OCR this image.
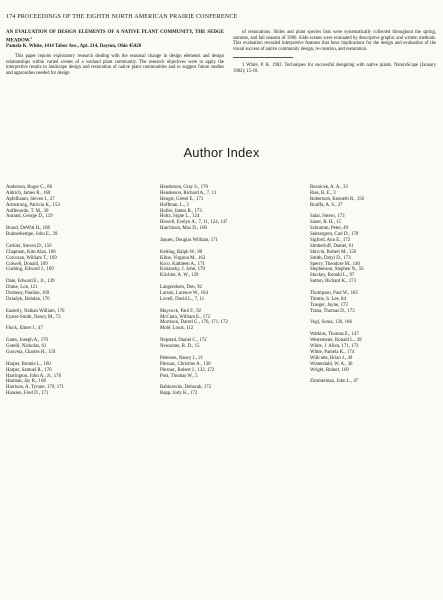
174 PROCEEDINGS OF THE EIGHTH NORTH AMERICAN PRAIRIE CONFERENCE
AN EVALUATION OF DESIGN ELEMENTS OF A NATIVE PLANT COMMUNITY, THE SEDGE MEADOW.$^1$
Pamela K. White, 1414 Tabor Ave., Apt. 214, Dayton, Ohio 45420
This paper reports exploratory research dealing with the seasonal change in design elements and design relationships within varied scenes of a wetland plant community. The research objectives were to apply the interpretive results to landscape design and restoration of native plant communities and to suggest future studies and approaches needed for design
of restorations. Slides and plant species lists were systematically collected throughout the spring, summer, and fall seasons of 1980. Slide scenes were evaluated by descriptive graphic and written methods. This evaluation revealed interpretive features that have implications for the design and evaluation of the visual success of native community design, re-creation, and restoration.
1 White, P. K. 1982. Techniques for successful designing with native plants. NatureScape (January 1982): 15-18.
Author Index
Anderson, Roger C., 86
Aldrich, James R., 168
Apfelbaum, Steven I., 27
Armstrong, Patricia K., 153
Auffenorde, T. M., 30
Aurand, George D., 119
Braud, DeWitt H., 168
Buhnerkempe, John E., 39
Carkler, Steven D., 156
Chapman, Kim Alan, 168
Corcoran, William T., 169
Culwell, Donald, 169
Cushing, Edward J., 169
Dale, Edward E., Jr., 139
Drake, Lon, 121
Drobney, Pauline, 169
Dziadyk, Bohdan, 170
Easterly, Nathan William, 170
Eyster-Smith, Nancy M., 73
Finck, Elmer J., 47
Gates, Joseph A., 170
Gotelli, Nicholas, 61
Gouveia, Charles H., 159
Harper, Bonnie L., 160
Harper, Samuel R., 170
Harrington, John A., Jr., 170
Harman, Jay R., 168
Harrison, A. Tyrone, 170, 171
Haasien, Fred D., 171
Henderson, Gray S., 170
Henderson, Richard A., 7, 11
Hengst, Gretel E., 171
Hoffman, L., 3
Holler, James R., 173
Holtz, Signe L., 124
Howell, Evelyn A., 7, 11, 124, 147
Hutchison, Max D., 168
Jaques, Douglas William, 171
Kelting, Ralph W., 80
Kline, Virginia M., 162
Krco, Kathleen A., 171
Krstansky, J. John, 170
Küchler, A. W., 129
Langendoen, Don, 92
Larson, Lorence W., 164
Lovell, David L., 7, 11
Maycock, Paul F., 92
McClain, William E., 172
Morrison, Darrel G., 170, 171, 172
Molé, Louis, 112
Nepstad, Daniel C., 172
Newsome, R. D., 15
Petersen, Nancy J., 21
Pleznac, Christine A., 130
Pleznac, Robert J., 132, 172
Post, Thomas W., 5
Rabinowitz, Deborah, 172
Rapp, Jody K., 172
Reznicek, A. A., 33
Ries, R. E., 3
Robertson, Kenneth R., 156
Rouffa, A. S., 27
Salar, Sotero, 173
Sauer, R. H., 15
Schramm, Peter, 49
Seitzergren, Carl D., 170
Sigford, Ann E., 172
Simberloff, Daniel, 61
Skirvin, Robert M., 156
Smith, Daryl D., 173
Sperry, Theodore M., 140
Stephenson, Stephen N., 56
Stuckey, Ronald L., 97
Sutton, Richard K., 173
Thompson, Paul W., 105
Timme, S. Lee, 84
Traeger, Jayne, 173
Trana, Thomas D., 173
Vogl, Sonia, 130, 166
Watkins, Thomas E., 147
Westemeier, Ronald L., 39
White, J. Allen, 171, 173
White, Pamela K., 174
Willcutts, Brian J., 49
Wistendahl, W. A., 30
Wright, Robert, 169
Zimmerman, John L., 47
